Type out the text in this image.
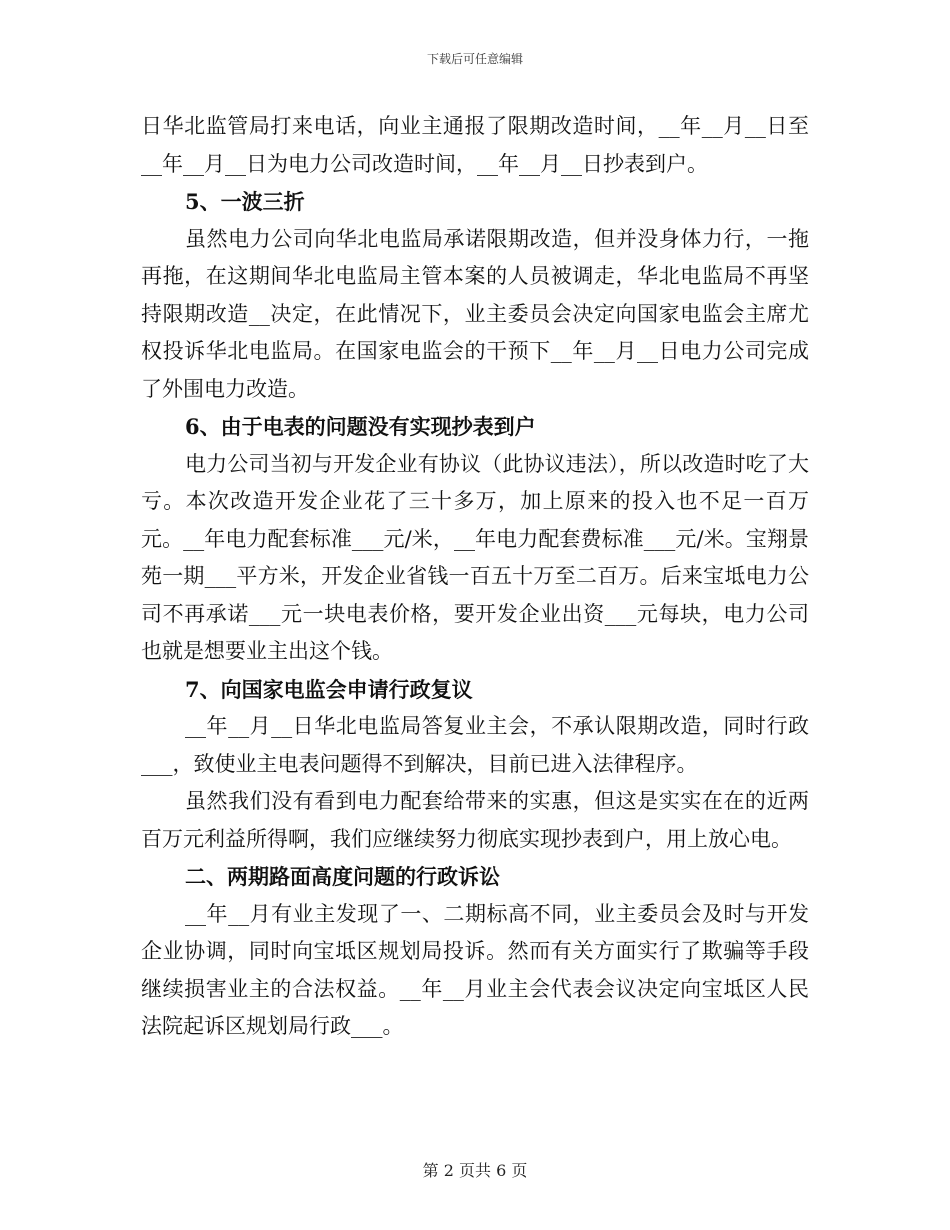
下载后可任意编辑

日华北监管局打来电话，向业主通报了限期改造时间，__年__月__日至__年__月__日为电力公司改造时间，__年__月__日抄表到户。

5、一波三折

虽然电力公司向华北电监局承诺限期改造，但并没身体力行，一拖再拖，在这期间华北电监局主管本案的人员被调走，华北电监局不再坚持限期改造__决定，在此情况下，业主委员会决定向国家电监会主席尤权投诉华北电监局。在国家电监会的干预下__年__月__日电力公司完成了外围电力改造。

6、由于电表的问题没有实现抄表到户

电力公司当初与开发企业有协议（此协议违法），所以改造时吃了大亏。本次改造开发企业花了三十多万，加上原来的投入也不足一百万元。__年电力配套标准___元/米，__年电力配套费标准___元/米。宝翔景苑一期___平方米，开发企业省钱一百五十万至二百万。后来宝坻电力公司不再承诺___元一块电表价格，要开发企业出资___元每块，电力公司也就是想要业主出这个钱。

7、向国家电监会申请行政复议

__年__月__日华北电监局答复业主会，不承认限期改造，同时行政___，致使业主电表问题得不到解决，目前已进入法律程序。

虽然我们没有看到电力配套给带来的实惠，但这是实实在在的近两百万元利益所得啊，我们应继续努力彻底实现抄表到户，用上放心电。

二、两期路面高度问题的行政诉讼

__年__月有业主发现了一、二期标高不同，业主委员会及时与开发企业协调，同时向宝坻区规划局投诉。然而有关方面实行了欺骗等手段继续损害业主的合法权益。__年__月业主会代表会议决定向宝坻区人民法院起诉区规划局行政___。

第 2 页共 6 页
